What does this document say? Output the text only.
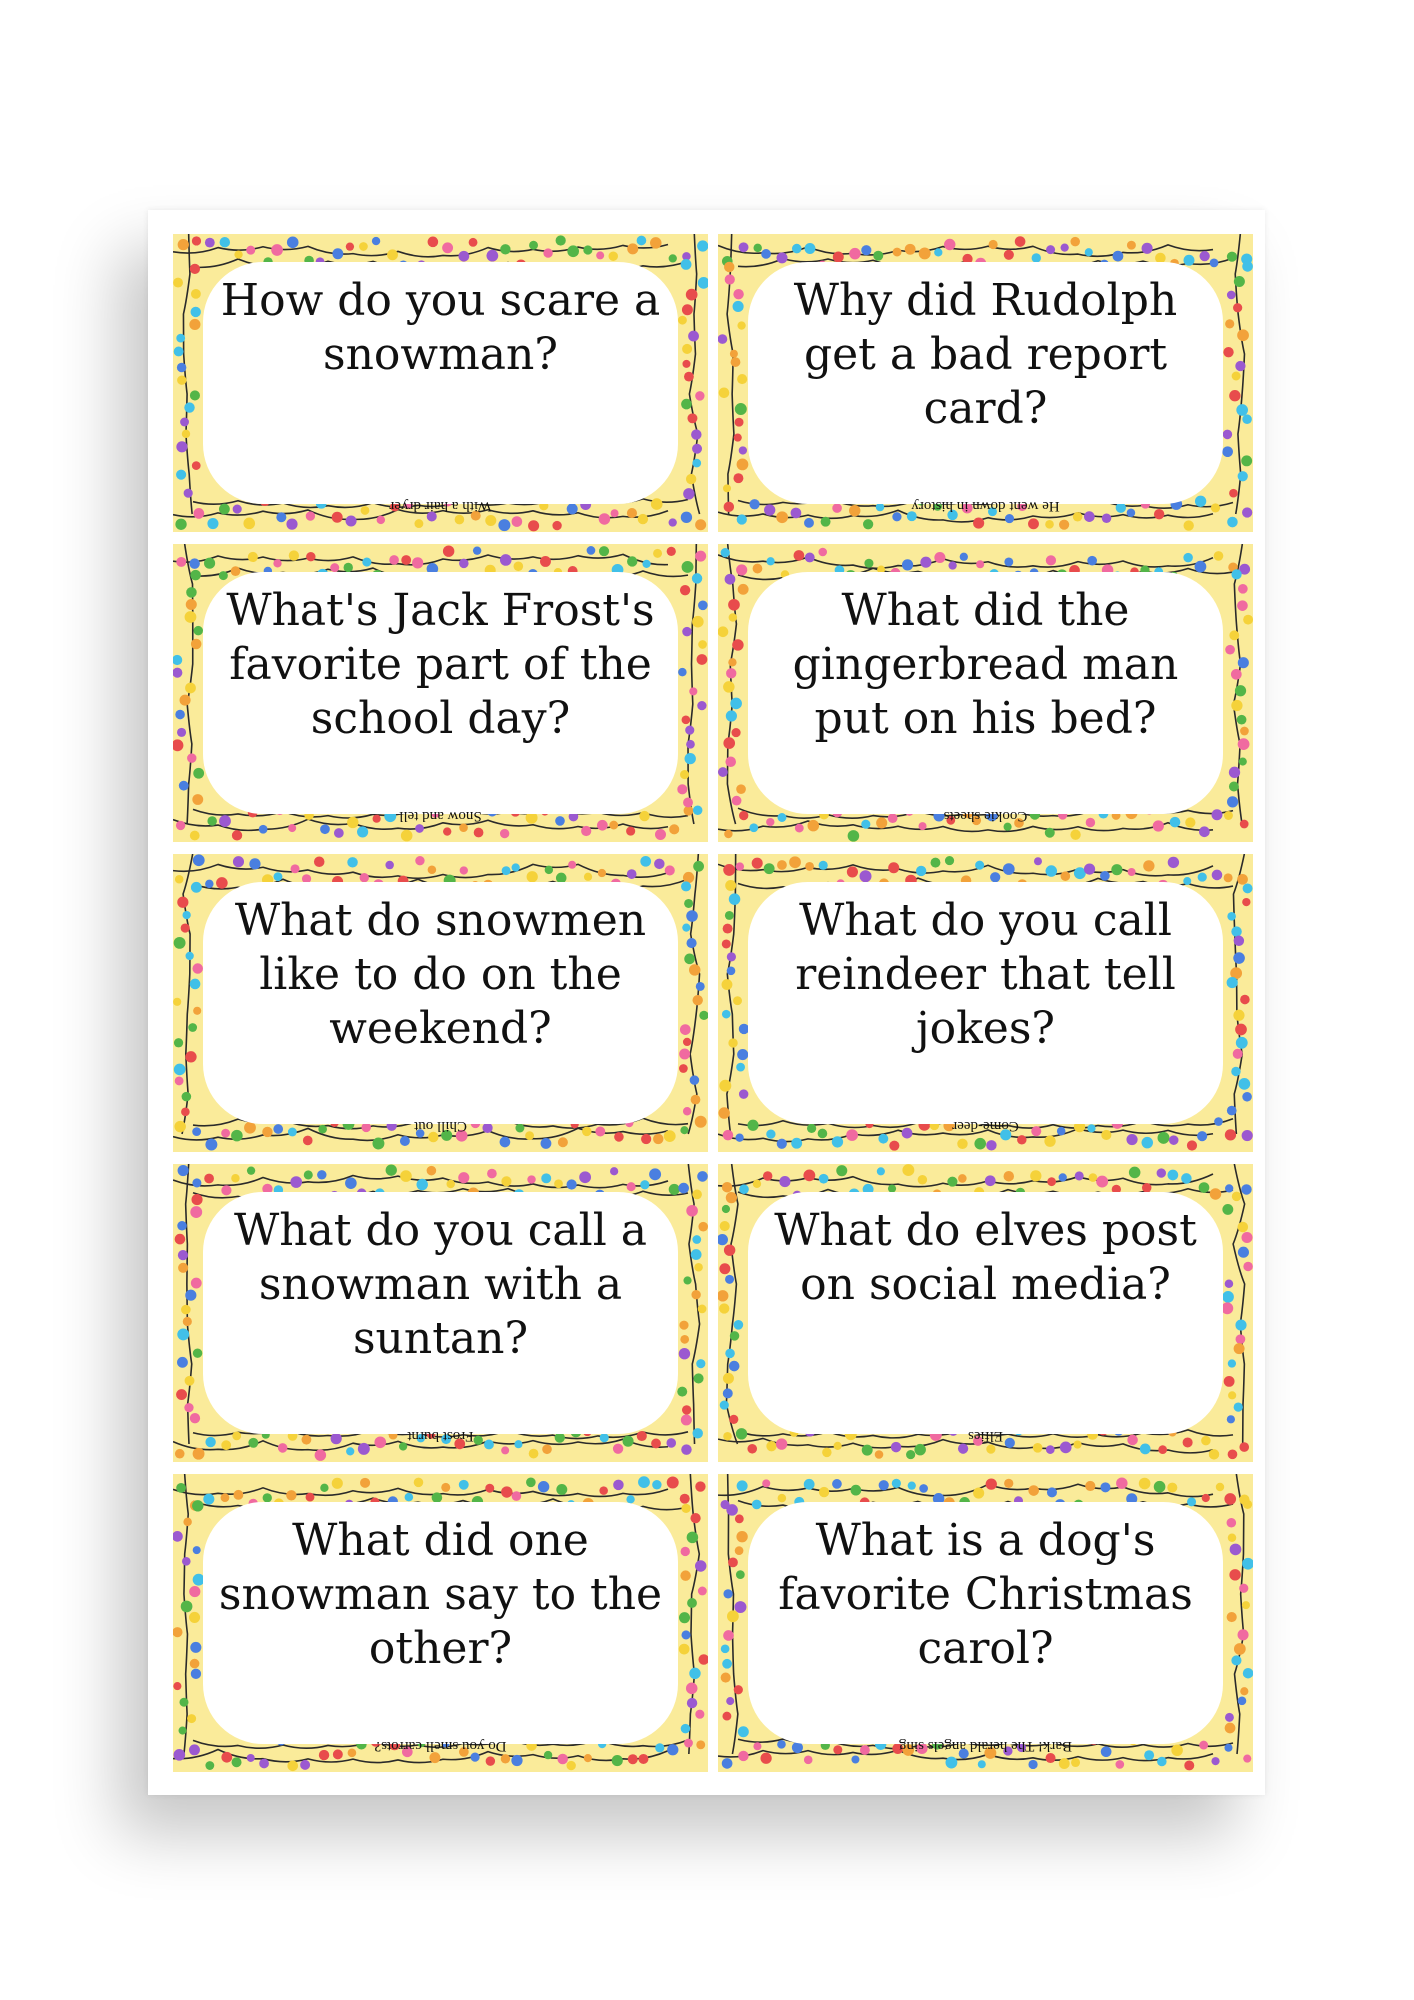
How do you scare a snowman?
With a hair dryer
Why did Rudolph get a bad report card?
He went down in history
What's Jack Frost's favorite part of the school day?
Snow and tell
What did the gingerbread man put on his bed?
Cookie sheets
What do snowmen like to do on the weekend?
Chill out
What do you call reindeer that tell jokes?
Come-deer
What do you call a snowman with a suntan?
Frost burnt
What do elves post on social media?
Elfies
What did one snowman say to the other?
Do you smell carrots?
What is a dog's favorite Christmas carol?
Bark! The herald angels sing
